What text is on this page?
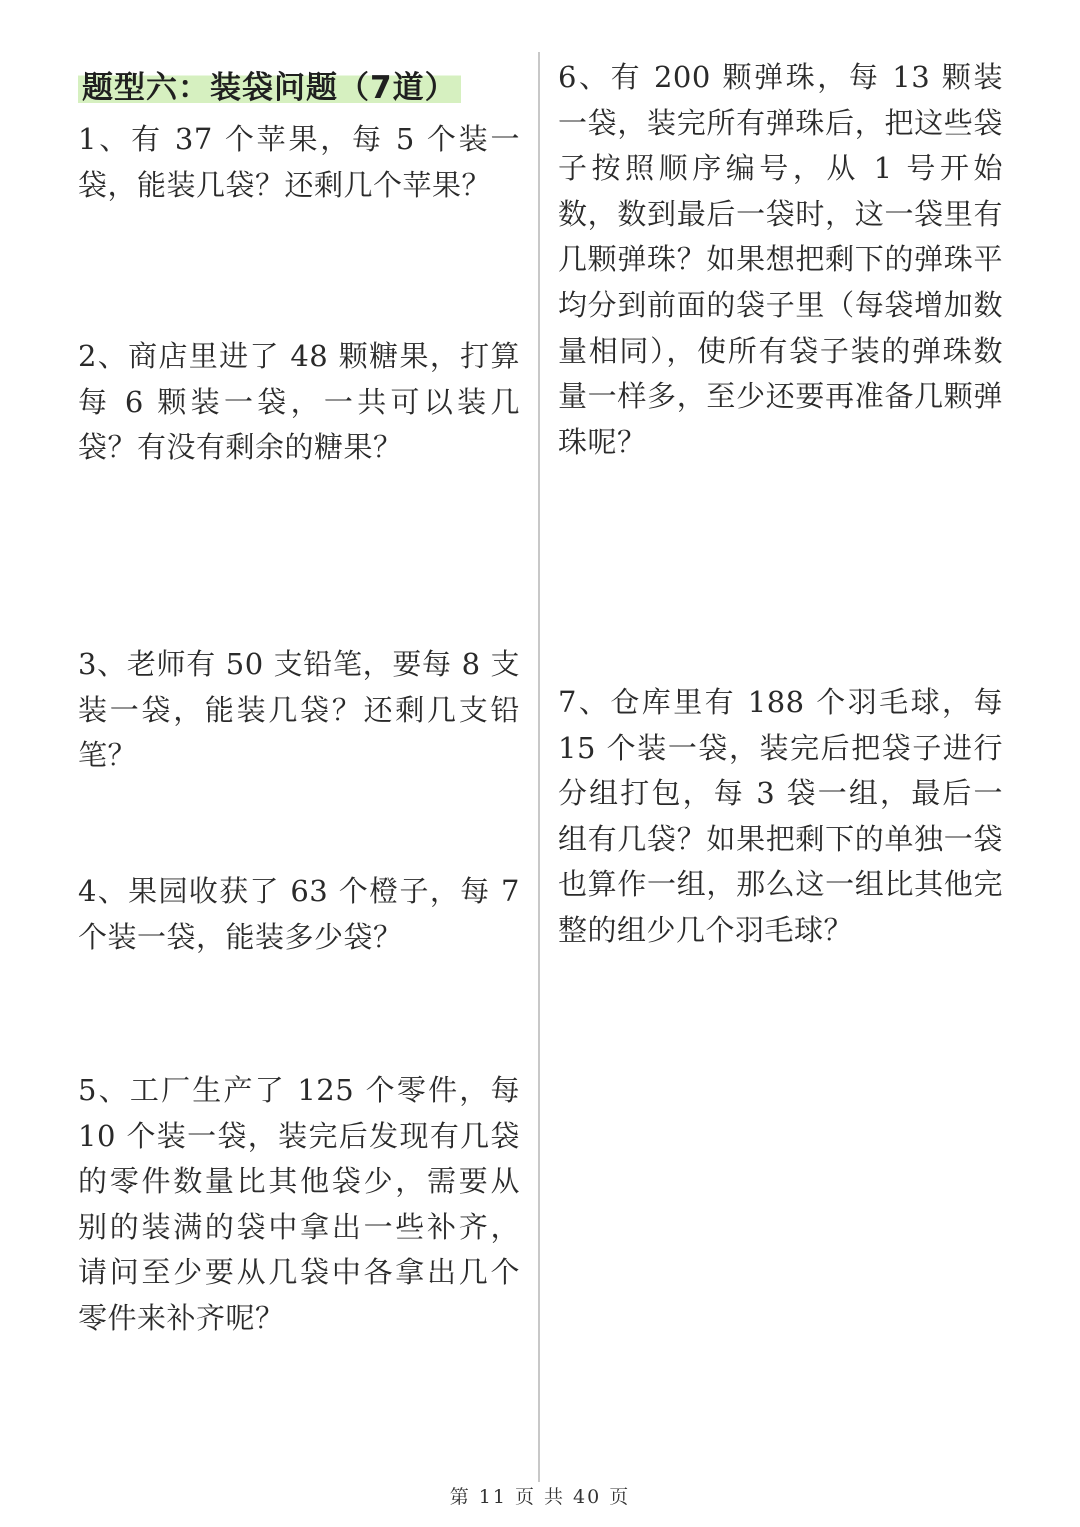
题型六：装袋问题（7道）
1、有 37 个苹果，每 5 个装一袋，能装几袋？还剩几个苹果？
2、商店里进了 48 颗糖果，打算每 6 颗装一袋，一共可以装几袋？有没有剩余的糖果？
3、老师有 50 支铅笔，要每 8 支装一袋，能装几袋？还剩几支铅笔？
4、果园收获了 63 个橙子，每 7 个装一袋，能装多少袋？
5、工厂生产了 125 个零件，每 10 个装一袋，装完后发现有几袋的零件数量比其他袋少，需要从别的装满的袋中拿出一些补齐，请问至少要从几袋中各拿出几个零件来补齐呢？
6、有 200 颗弹珠，每 13 颗装一袋，装完所有弹珠后，把这些袋子按照顺序编号，从 1 号开始数，数到最后一袋时，这一袋里有几颗弹珠？如果想把剩下的弹珠平均分到前面的袋子里（每袋增加数量相同），使所有袋子装的弹珠数量一样多，至少还要再准备几颗弹珠呢？
7、仓库里有 188 个羽毛球，每 15 个装一袋，装完后把袋子进行分组打包，每 3 袋一组，最后一组有几袋？如果把剩下的单独一袋也算作一组，那么这一组比其他完整的组少几个羽毛球？
第 11 页 共 40 页
